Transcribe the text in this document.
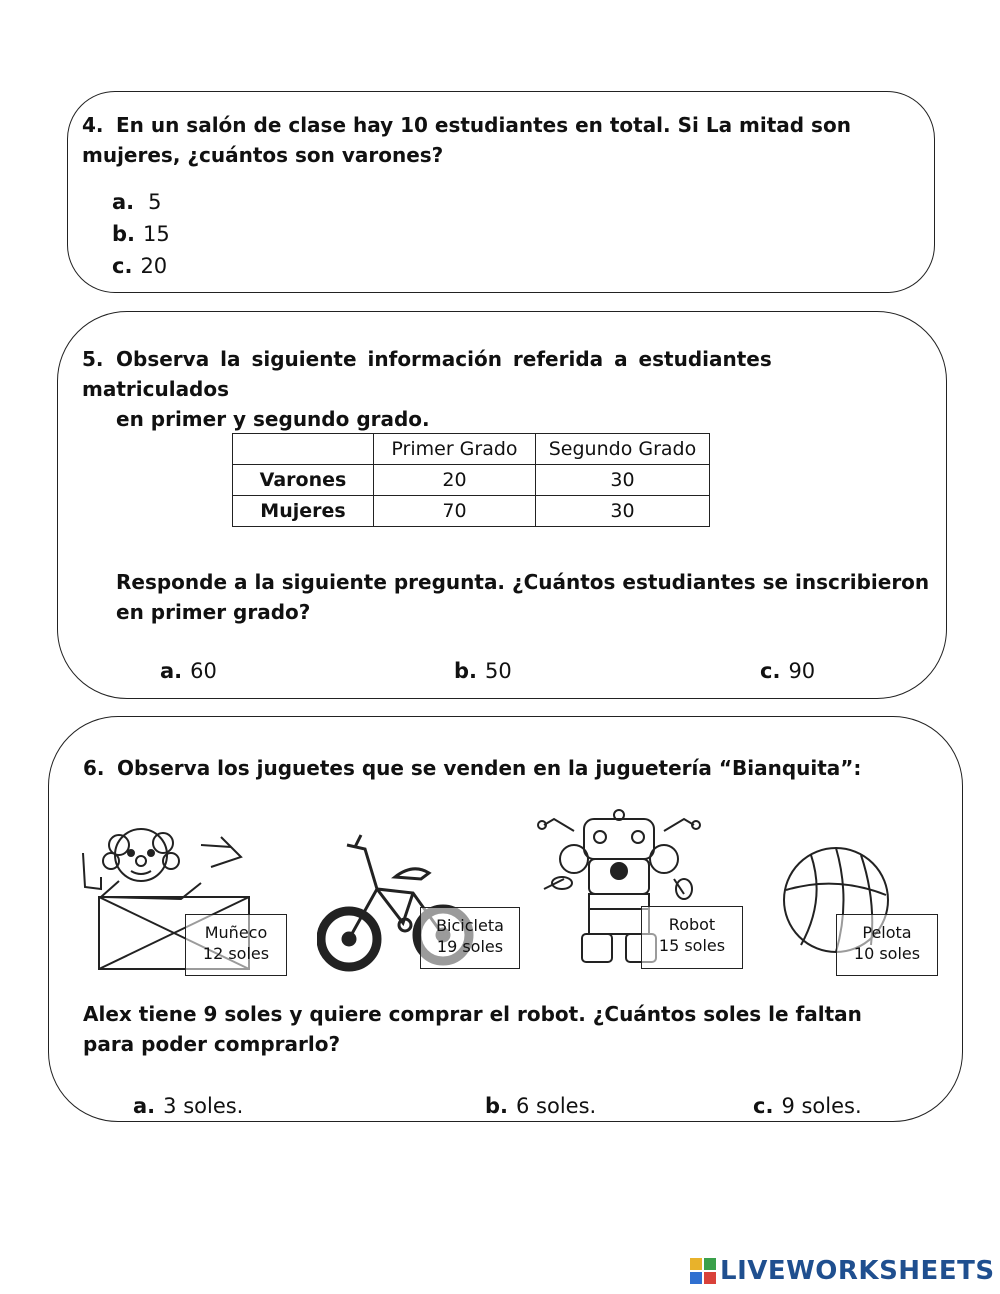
4. En un salón de clase hay 10 estudiantes en total. Si La mitad son
mujeres, ¿cuántos son varones?

a. 5
b. 15
c. 20

5. Observa la siguiente información referida a estudiantes matriculados
en primer y segundo grado.

	Primer Grado	Segundo Grado
Varones	20	30
Mujeres	70	30

Responde a la siguiente pregunta. ¿Cuántos estudiantes se inscribieron
en primer grado?

a. 60	b. 50	c. 90

6. Observa los juguetes que se venden en la juguetería “Bianquita”:

Muñeco
12 soles
Bicicleta
19 soles
Robot
15 soles
Pelota
10 soles

Alex tiene 9 soles y quiere comprar el robot. ¿Cuántos soles le faltan
para poder comprarlo?

a. 3 soles.	b. 6 soles.	c. 9 soles.
LIVEWORKSHEETS
